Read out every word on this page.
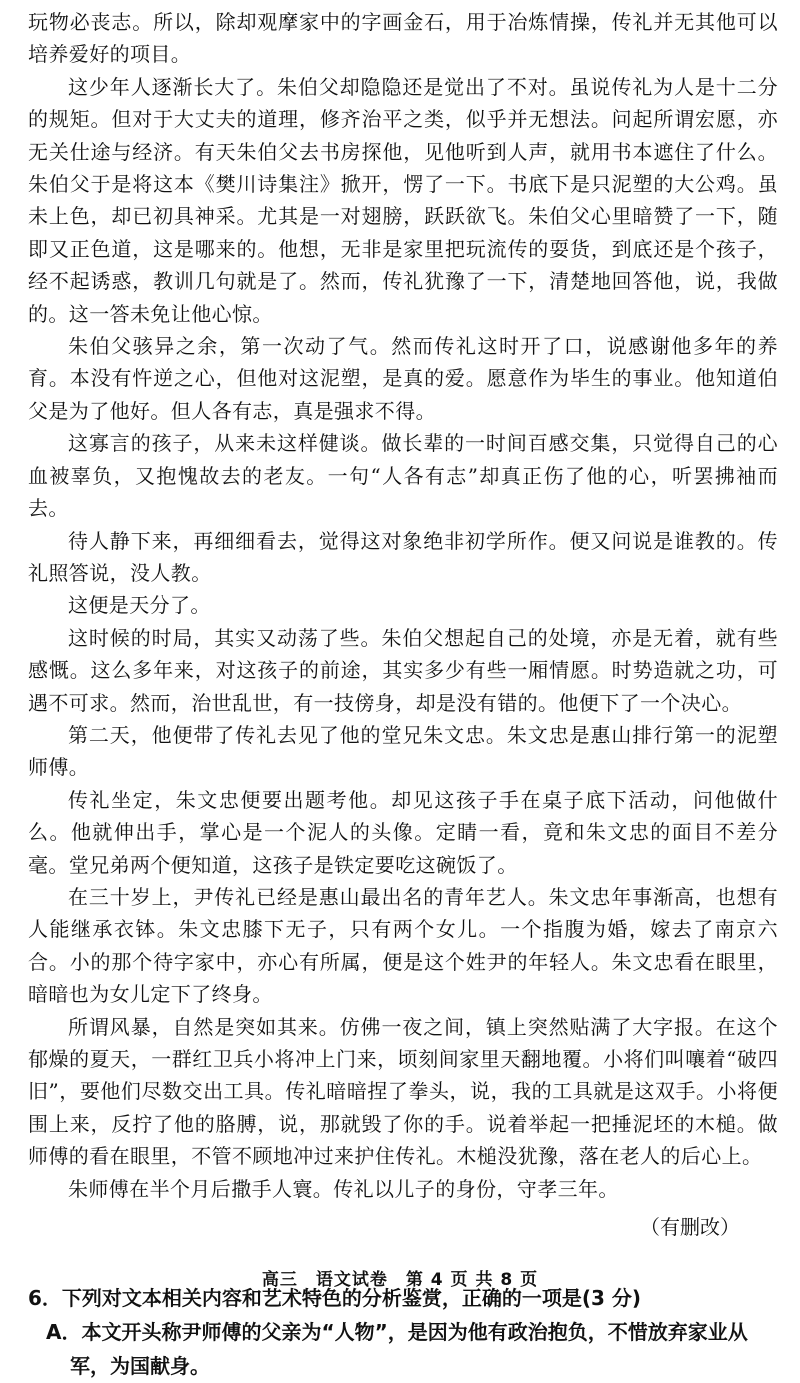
玩物必丧志。所以，除却观摩家中的字画金石，用于冶炼情操，传礼并无其他可以培养爱好的项目。

这少年人逐渐长大了。朱伯父却隐隐还是觉出了不对。虽说传礼为人是十二分的规矩。但对于大丈夫的道理，修齐治平之类，似乎并无想法。问起所谓宏愿，亦无关仕途与经济。有天朱伯父去书房探他，见他听到人声，就用书本遮住了什么。朱伯父于是将这本《樊川诗集注》掀开，愣了一下。书底下是只泥塑的大公鸡。虽未上色，却已初具神采。尤其是一对翅膀，跃跃欲飞。朱伯父心里暗赞了一下，随即又正色道，这是哪来的。他想，无非是家里把玩流传的耍货，到底还是个孩子，经不起诱惑，教训几句就是了。然而，传礼犹豫了一下，清楚地回答他，说，我做的。这一答未免让他心惊。

朱伯父骇异之余，第一次动了气。然而传礼这时开了口，说感谢他多年的养育。本没有忤逆之心，但他对这泥塑，是真的爱。愿意作为毕生的事业。他知道伯父是为了他好。但人各有志，真是强求不得。

这寡言的孩子，从来未这样健谈。做长辈的一时间百感交集，只觉得自己的心血被辜负，又抱愧故去的老友。一句“人各有志”却真正伤了他的心，听罢拂袖而去。

待人静下来，再细细看去，觉得这对象绝非初学所作。便又问说是谁教的。传礼照答说，没人教。

这便是天分了。

这时候的时局，其实又动荡了些。朱伯父想起自己的处境，亦是无着，就有些感慨。这么多年来，对这孩子的前途，其实多少有些一厢情愿。时势造就之功，可遇不可求。然而，治世乱世，有一技傍身，却是没有错的。他便下了一个决心。

第二天，他便带了传礼去见了他的堂兄朱文忠。朱文忠是惠山排行第一的泥塑师傅。

传礼坐定，朱文忠便要出题考他。却见这孩子手在桌子底下活动，问他做什么。他就伸出手，掌心是一个泥人的头像。定睛一看，竟和朱文忠的面目不差分毫。堂兄弟两个便知道，这孩子是铁定要吃这碗饭了。

在三十岁上，尹传礼已经是惠山最出名的青年艺人。朱文忠年事渐高，也想有人能继承衣钵。朱文忠膝下无子，只有两个女儿。一个指腹为婚，嫁去了南京六合。小的那个待字家中，亦心有所属，便是这个姓尹的年轻人。朱文忠看在眼里，暗暗也为女儿定下了终身。

所谓风暴，自然是突如其来。仿佛一夜之间，镇上突然贴满了大字报。在这个郁燥的夏天，一群红卫兵小将冲上门来，顷刻间家里天翻地覆。小将们叫嚷着“破四旧”，要他们尽数交出工具。传礼暗暗捏了拳头，说，我的工具就是这双手。小将便围上来，反拧了他的胳膊，说，那就毁了你的手。说着举起一把捶泥坯的木槌。做师傅的看在眼里，不管不顾地冲过来护住传礼。木槌没犹豫，落在老人的后心上。

朱师傅在半个月后撒手人寰。传礼以儿子的身份，守孝三年。

（有删改）

6．下列对文本相关内容和艺术特色的分析鉴赏，正确的一项是(3 分)

A．本文开头称尹师傅的父亲为“人物”，是因为他有政治抱负，不惜放弃家业从军，为国献身。

高三　语文试卷　第 4 页 共 8 页
